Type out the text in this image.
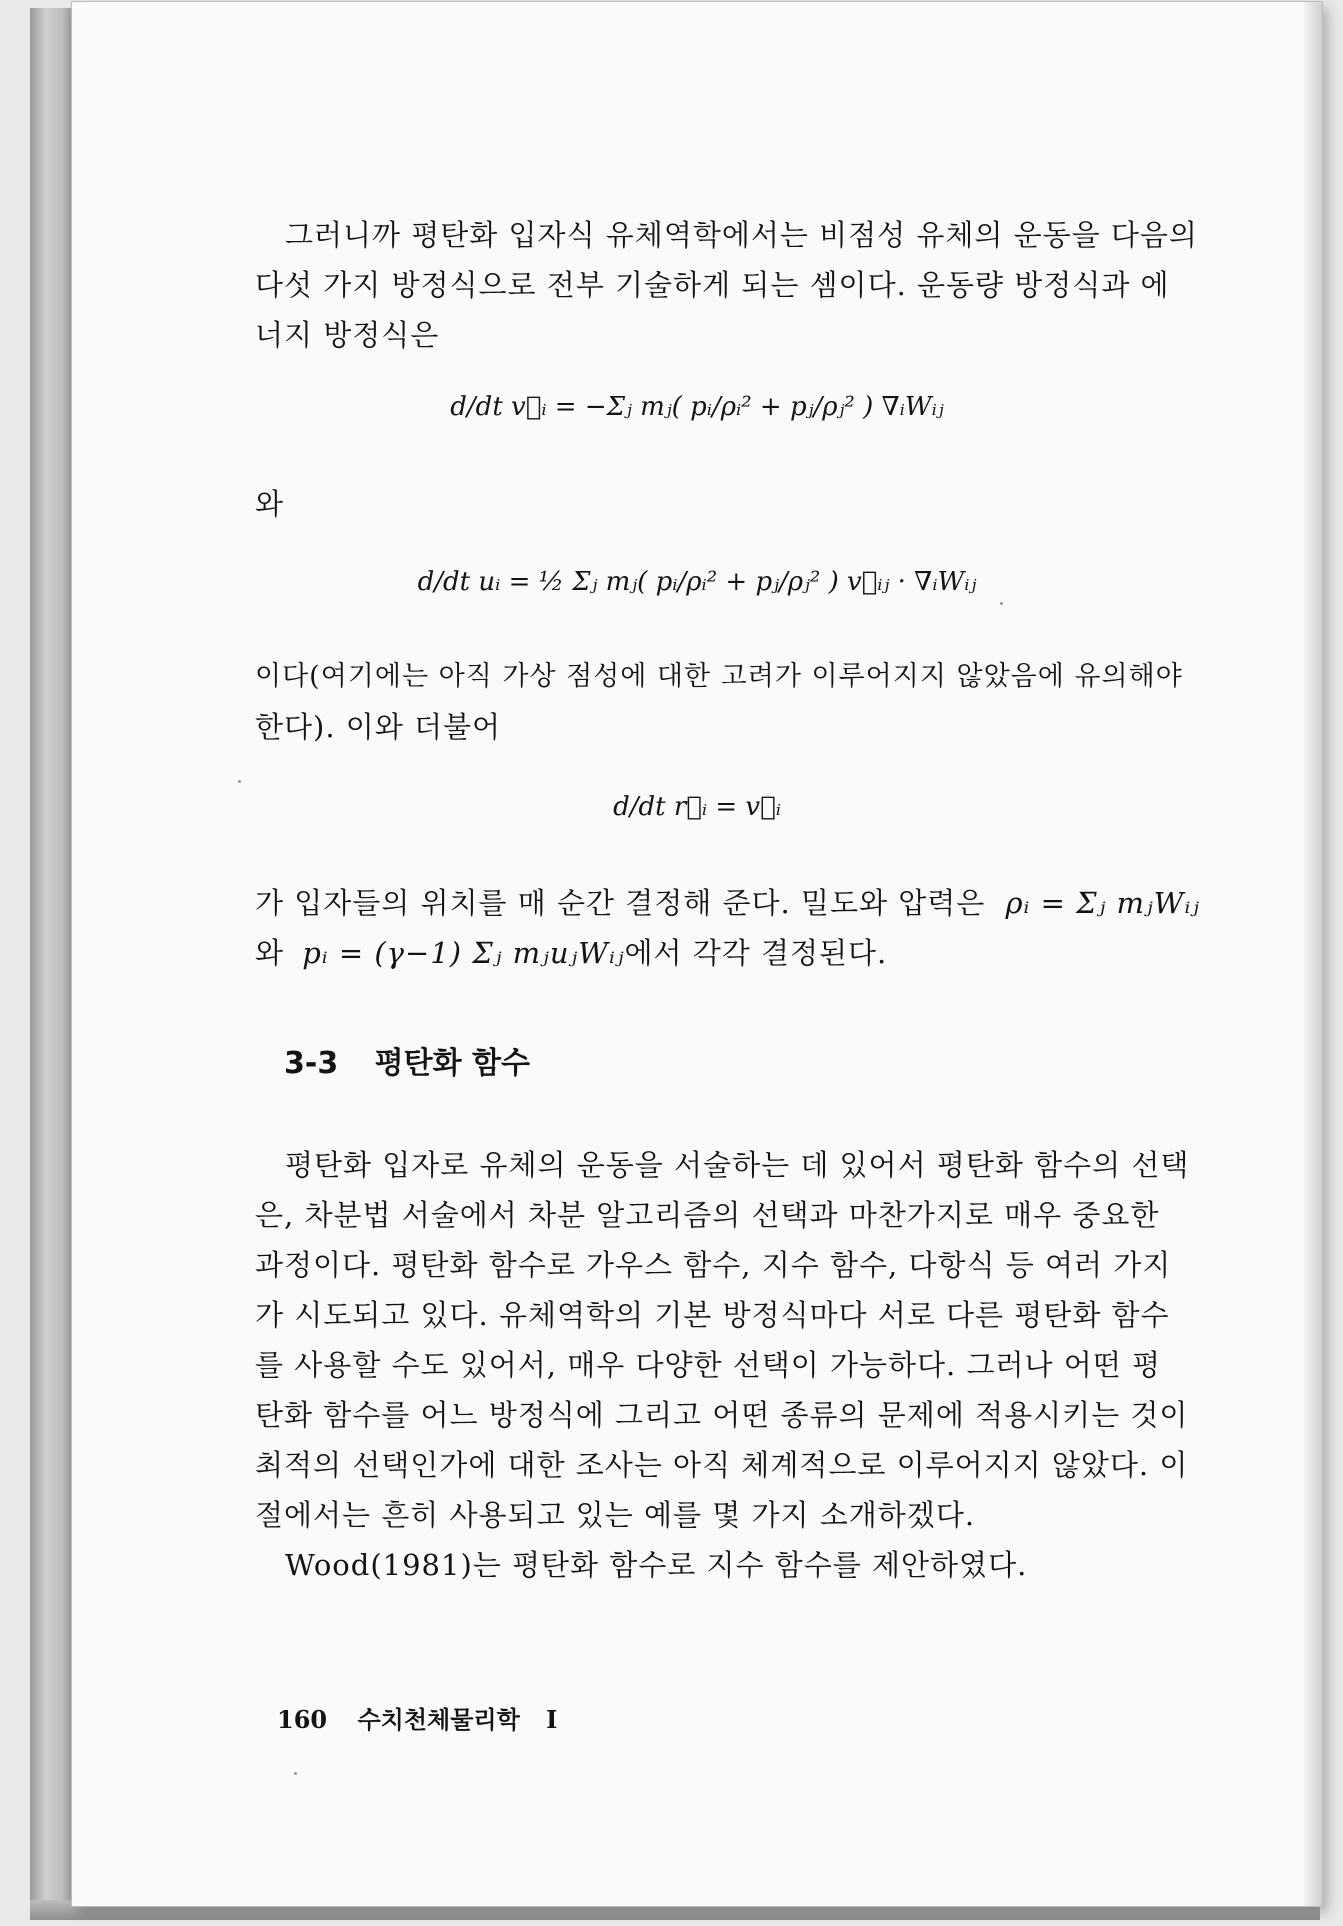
그러니까 평탄화 입자식 유체역학에서는 비점성 유체의 운동을 다음의
다섯 가지 방정식으로 전부 기술하게 되는 셈이다. 운동량 방정식과 에
너지 방정식은
d/dt v⃗ᵢ = −Σⱼ mⱼ( pᵢ/ρᵢ² + pⱼ/ρⱼ² ) ∇ᵢWᵢⱼ
와
d/dt uᵢ = ½ Σⱼ mⱼ( pᵢ/ρᵢ² + pⱼ/ρⱼ² ) v⃗ᵢⱼ · ∇ᵢWᵢⱼ
이다(여기에는 아직 가상 점성에 대한 고려가 이루어지지 않았음에 유의해야
한다). 이와 더불어
d/dt r⃗ᵢ = v⃗ᵢ
가 입자들의 위치를 매 순간 결정해 준다. 밀도와 압력은 ρᵢ = Σⱼ mⱼWᵢⱼ
와 pᵢ = (γ−1) Σⱼ mⱼuⱼWᵢⱼ에서 각각 결정된다.
3-3 평탄화 함수
평탄화 입자로 유체의 운동을 서술하는 데 있어서 평탄화 함수의 선택
은, 차분법 서술에서 차분 알고리즘의 선택과 마찬가지로 매우 중요한
과정이다. 평탄화 함수로 가우스 함수, 지수 함수, 다항식 등 여러 가지
가 시도되고 있다. 유체역학의 기본 방정식마다 서로 다른 평탄화 함수
를 사용할 수도 있어서, 매우 다양한 선택이 가능하다. 그러나 어떤 평
탄화 함수를 어느 방정식에 그리고 어떤 종류의 문제에 적용시키는 것이
최적의 선택인가에 대한 조사는 아직 체계적으로 이루어지지 않았다. 이
절에서는 흔히 사용되고 있는 예를 몇 가지 소개하겠다.
Wood(1981)는 평탄화 함수로 지수 함수를 제안하였다.
160 수치천체물리학 I
